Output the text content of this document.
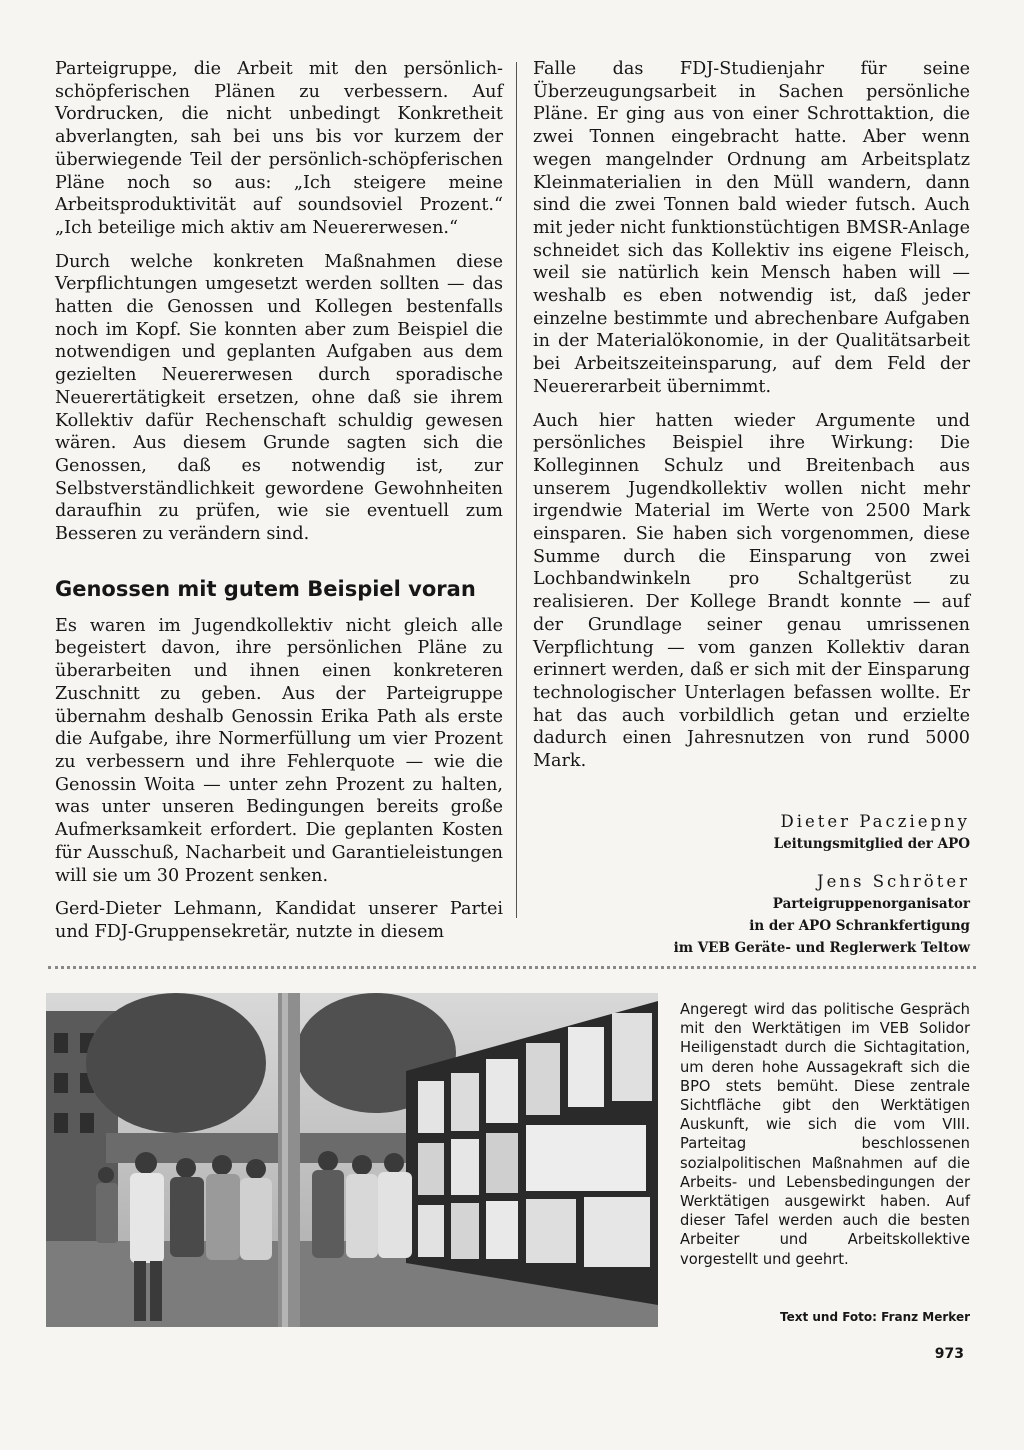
Parteigruppe, die Arbeit mit den persönlich-schöpferischen Plänen zu verbessern. Auf Vordrucken, die nicht unbedingt Konkretheit abverlangten, sah bei uns bis vor kurzem der überwiegende Teil der persönlich-schöpferischen Pläne noch so aus: „Ich steigere meine Arbeitsproduktivität auf soundsoviel Prozent.“ „Ich beteilige mich aktiv am Neuererwesen.“

Durch welche konkreten Maßnahmen diese Verpflichtungen umgesetzt werden sollten — das hatten die Genossen und Kollegen bestenfalls noch im Kopf. Sie konnten aber zum Beispiel die notwendigen und geplanten Aufgaben aus dem gezielten Neuererwesen durch sporadische Neuerertätigkeit ersetzen, ohne daß sie ihrem Kollektiv dafür Rechenschaft schuldig gewesen wären. Aus diesem Grunde sagten sich die Genossen, daß es notwendig ist, zur Selbstverständlichkeit gewordene Gewohnheiten daraufhin zu prüfen, wie sie eventuell zum Besseren zu verändern sind.

Genossen mit gutem Beispiel voran

Es waren im Jugendkollektiv nicht gleich alle begeistert davon, ihre persönlichen Pläne zu überarbeiten und ihnen einen konkreteren Zuschnitt zu geben. Aus der Parteigruppe übernahm deshalb Genossin Erika Path als erste die Aufgabe, ihre Normerfüllung um vier Prozent zu verbessern und ihre Fehlerquote — wie die Genossin Woita — unter zehn Prozent zu halten, was unter unseren Bedingungen bereits große Aufmerksamkeit erfordert. Die geplanten Kosten für Ausschuß, Nacharbeit und Garantieleistungen will sie um 30 Prozent senken.

Gerd-Dieter Lehmann, Kandidat unserer Partei und FDJ-Gruppensekretär, nutzte in diesem

Falle das FDJ-Studienjahr für seine Überzeugungsarbeit in Sachen persönliche Pläne. Er ging aus von einer Schrottaktion, die zwei Tonnen eingebracht hatte. Aber wenn wegen mangelnder Ordnung am Arbeitsplatz Kleinmaterialien in den Müll wandern, dann sind die zwei Tonnen bald wieder futsch. Auch mit jeder nicht funktionstüchtigen BMSR-Anlage schneidet sich das Kollektiv ins eigene Fleisch, weil sie natürlich kein Mensch haben will — weshalb es eben notwendig ist, daß jeder einzelne bestimmte und abrechenbare Aufgaben in der Materialökonomie, in der Qualitätsarbeit bei Arbeitszeiteinsparung, auf dem Feld der Neuererarbeit übernimmt.

Auch hier hatten wieder Argumente und persönliches Beispiel ihre Wirkung: Die Kolleginnen Schulz und Breitenbach aus unserem Jugendkollektiv wollen nicht mehr irgendwie Material im Werte von 2500 Mark einsparen. Sie haben sich vorgenommen, diese Summe durch die Einsparung von zwei Lochbandwinkeln pro Schaltgerüst zu realisieren. Der Kollege Brandt konnte — auf der Grundlage seiner genau umrissenen Verpflichtung — vom ganzen Kollektiv daran erinnert werden, daß er sich mit der Einsparung technologischer Unterlagen befassen wollte. Er hat das auch vorbildlich getan und erzielte dadurch einen Jahresnutzen von rund 5000 Mark.

Dieter Pacziepny
Leitungsmitglied der APO
Jens Schröter
Parteigruppenorganisator
in der APO Schrankfertigung
im VEB Geräte- und Reglerwerk Teltow
Angeregt wird das politische Gespräch mit den Werktätigen im VEB Solidor Heiligenstadt durch die Sichtagitation, um deren hohe Aussagekraft sich die BPO stets bemüht. Diese zentrale Sichtfläche gibt den Werktätigen Auskunft, wie sich die vom VIII. Parteitag beschlossenen sozialpolitischen Maßnahmen auf die Arbeits- und Lebensbedingungen der Werktätigen ausgewirkt haben. Auf dieser Tafel werden auch die besten Arbeiter und Arbeitskollektive vorgestellt und geehrt.
Text und Foto: Franz Merker
973
